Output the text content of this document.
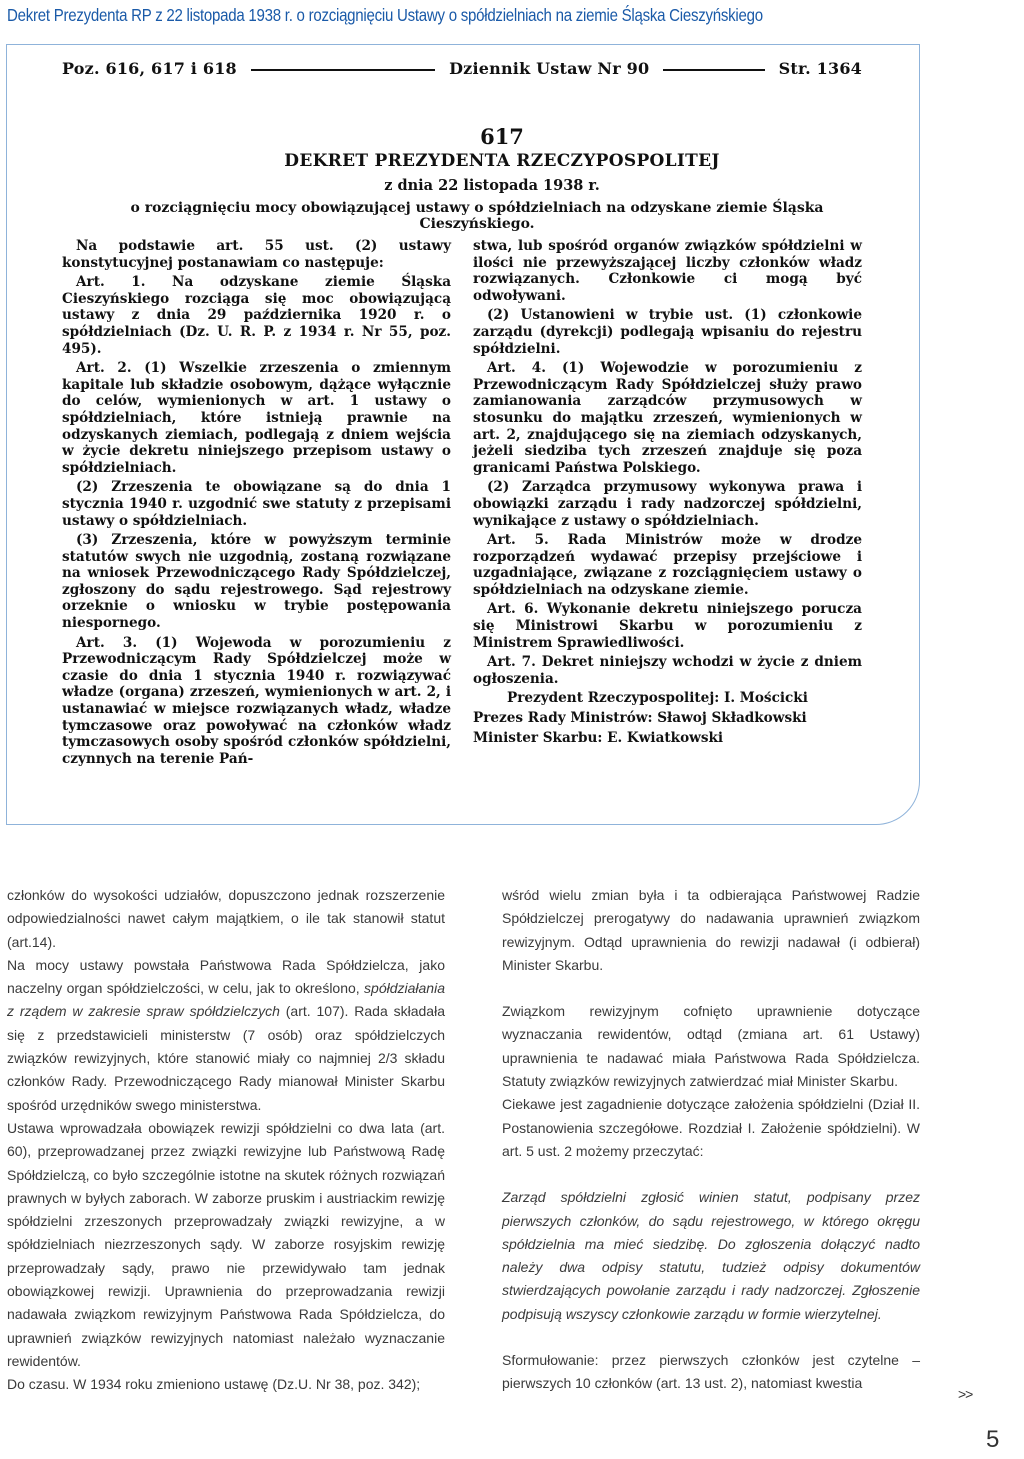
Dekret Prezydenta RP z 22 listopada 1938 r. o rozciągnięciu Ustawy o spółdzielniach na ziemie Śląska Cieszyńskiego
Poz. 616, 617 i 618	Dziennik Ustaw Nr 90	Str. 1364
617
DEKRET PREZYDENTA RZECZYPOSPOLITEJ
z dnia 22 listopada 1938 r.
o rozciągnięciu mocy obowiązującej ustawy o spółdzielniach na odzyskane ziemie Śląska Cieszyńskiego.

Na podstawie art. 55 ust. (2) ustawy konstytucyjnej postanawiam co następuje:

Art. 1. Na odzyskane ziemie Śląska Cieszyńskiego rozciąga się moc obowiązującą ustawy z dnia 29 października 1920 r. o spółdzielniach (Dz. U. R. P. z 1934 r. Nr 55, poz. 495).

Art. 2. (1) Wszelkie zrzeszenia o zmiennym kapitale lub składzie osobowym, dążące wyłącznie do celów, wymienionych w art. 1 ustawy o spółdzielniach, które istnieją prawnie na odzyskanych ziemiach, podlegają z dniem wejścia w życie dekretu niniejszego przepisom ustawy o spółdzielniach.

(2) Zrzeszenia te obowiązane są do dnia 1 stycznia 1940 r. uzgodnić swe statuty z przepisami ustawy o spółdzielniach.

(3) Zrzeszenia, które w powyższym terminie statutów swych nie uzgodnią, zostaną rozwiązane na wniosek Przewodniczącego Rady Spółdzielczej, zgłoszony do sądu rejestrowego. Sąd rejestrowy orzeknie o wniosku w trybie postępowania niespornego.

Art. 3. (1) Wojewoda w porozumieniu z Przewodniczącym Rady Spółdzielczej może w czasie do dnia 1 stycznia 1940 r. rozwiązywać władze (organa) zrzeszeń, wymienionych w art. 2, i ustanawiać w miejsce rozwiązanych władz, władze tymczasowe oraz powoływać na członków władz tymczasowych osoby spośród członków spółdzielni, czynnych na terenie Pań-

stwa, lub spośród organów związków spółdzielni w ilości nie przewyższającej liczby członków władz rozwiązanych. Członkowie ci mogą być odwoływani.

(2) Ustanowieni w trybie ust. (1) członkowie zarządu (dyrekcji) podlegają wpisaniu do rejestru spółdzielni.

Art. 4. (1) Wojewodzie w porozumieniu z Przewodniczącym Rady Spółdzielczej służy prawo zamianowania zarządców przymusowych w stosunku do majątku zrzeszeń, wymienionych w art. 2, znajdującego się na ziemiach odzyskanych, jeżeli siedziba tych zrzeszeń znajduje się poza granicami Państwa Polskiego.

(2) Zarządca przymusowy wykonywa prawa i obowiązki zarządu i rady nadzorczej spółdzielni, wynikające z ustawy o spółdzielniach.

Art. 5. Rada Ministrów może w drodze rozporządzeń wydawać przepisy przejściowe i uzgadniające, związane z rozciągnięciem ustawy o spółdzielniach na odzyskane ziemie.

Art. 6. Wykonanie dekretu niniejszego porucza się Ministrowi Skarbu w porozumieniu z Ministrem Sprawiedliwości.

Art. 7. Dekret niniejszy wchodzi w życie z dniem ogłoszenia.

Prezydent Rzeczypospolitej: I. Mościcki

Prezes Rady Ministrów: Sławoj Składkowski

Minister Skarbu: E. Kwiatkowski

członków do wysokości udziałów, dopuszczono jednak rozszerzenie odpowiedzialności nawet całym majątkiem, o ile tak stanowił statut (art.14).

Na mocy ustawy powstała Państwowa Rada Spółdzielcza, jako naczelny organ spółdzielczości, w celu, jak to określono, spółdziałania z rządem w zakresie spraw spółdzielczych (art. 107). Rada składała się z przedstawicieli ministerstw (7 osób) oraz spółdzielczych związków rewizyjnych, które stanowić miały co najmniej 2/3 składu członków Rady. Przewodniczącego Rady mianował Minister Skarbu spośród urzędników swego ministerstwa.

Ustawa wprowadzała obowiązek rewizji spółdzielni co dwa lata (art. 60), przeprowadzanej przez związki rewizyjne lub Państwową Radę Spółdzielczą, co było szczególnie istotne na skutek różnych rozwiązań prawnych w byłych zaborach. W zaborze pruskim i austriackim rewizję spółdzielni zrzeszonych przeprowadzały związki rewizyjne, a w spółdzielniach niezrzeszonych sądy. W zaborze rosyjskim rewizję przeprowadzały sądy, prawo nie przewidywało tam jednak obowiązkowej rewizji. Uprawnienia do przeprowadzania rewizji nadawała związkom rewizyjnym Państwowa Rada Spółdzielcza, do uprawnień związków rewizyjnych natomiast należało wyznaczanie rewidentów.

Do czasu. W 1934 roku zmieniono ustawę (Dz.U. Nr 38, poz. 342);

wśród wielu zmian była i ta odbierająca Państwowej Radzie Spółdzielczej prerogatywy do nadawania uprawnień związkom rewizyjnym. Odtąd uprawnienia do rewizji nadawał (i odbierał) Minister Skarbu.

Związkom rewizyjnym cofnięto uprawnienie dotyczące wyznaczania rewidentów, odtąd (zmiana art. 61 Ustawy) uprawnienia te nadawać miała Państwowa Rada Spółdzielcza. Statuty związków rewizyjnych zatwierdzać miał Minister Skarbu.

Ciekawe jest zagadnienie dotyczące założenia spółdzielni (Dział II. Postanowienia szczegółowe. Rozdział I. Założenie spółdzielni). W art. 5 ust. 2 możemy przeczytać:

Zarząd spółdzielni zgłosić winien statut, podpisany przez pierwszych członków, do sądu rejestrowego, w którego okręgu spółdzielnia ma mieć siedzibę. Do zgłoszenia dołączyć nadto należy dwa odpisy statutu, tudzież odpisy dokumentów stwierdzających powołanie zarządu i rady nadzorczej. Zgłoszenie podpisują wszyscy członkowie zarządu w formie wierzytelnej.

Sformułowanie: przez pierwszych członków jest czytelne – pierwszych 10 członków (art. 13 ust. 2), natomiast kwestia

>>
5
